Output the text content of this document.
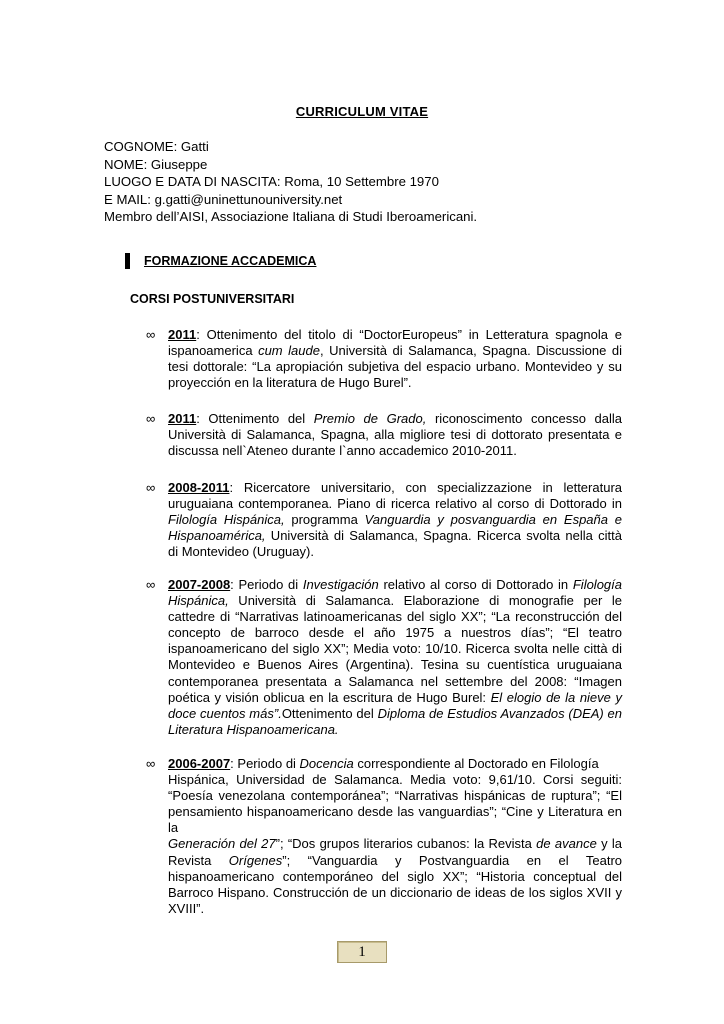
CURRICULUM VITAE
COGNOME: Gatti
NOME: Giuseppe
LUOGO E DATA DI NASCITA: Roma, 10 Settembre 1970
E MAIL: g.gatti@uninettunouniversity.net
Membro dell’AISI, Associazione Italiana di Studi Iberoamericani.
FORMAZIONE ACCADEMICA
CORSI POSTUNIVERSITARI
∞ 2011: Ottenimento del titolo di “DoctorEuropeus” in Letteratura spagnola e ispanoamerica cum laude, Università di Salamanca, Spagna. Discussione di tesi dottorale: “La apropiación subjetiva del espacio urbano. Montevideo y su proyección en la literatura de Hugo Burel”.
∞ 2011: Ottenimento del Premio de Grado, riconoscimento concesso dalla Università di Salamanca, Spagna, alla migliore tesi di dottorato presentata e discussa nell`Ateneo durante l`anno accademico 2010-2011.
∞ 2008-2011: Ricercatore universitario, con specializzazione in letteratura uruguaiana contemporanea. Piano di ricerca relativo al corso di Dottorado in Filología Hispánica, programma Vanguardia y posvanguardia en España e Hispanoamérica, Università di Salamanca, Spagna. Ricerca svolta nella città di Montevideo (Uruguay).
∞ 2007-2008: Periodo di Investigación relativo al corso di Dottorado in Filología Hispánica, Università di Salamanca. Elaborazione di monografie per le cattedre di “Narrativas latinoamericanas del siglo XX”; “La reconstrucción del concepto de barroco desde el año 1975 a nuestros días”; “El teatro ispanoamericano del siglo XX”; Media voto: 10/10. Ricerca svolta nelle città di Montevideo e Buenos Aires (Argentina). Tesina su cuentística uruguaiana contemporanea presentata a Salamanca nel settembre del 2008: “Imagen poética y visión oblicua en la escritura de Hugo Burel: El elogio de la nieve y doce cuentos más”.Ottenimento del Diploma de Estudios Avanzados (DEA) en Literatura Hispanoamericana.
∞ 2006-2007: Periodo di Docencia correspondiente al Doctorado en Filología
Hispánica, Universidad de Salamanca. Media voto: 9,61/10. Corsi seguiti: “Poesía venezolana contemporánea”; “Narrativas hispánicas de ruptura”; “El pensamiento hispanoamericano desde las vanguardias”; “Cine y Literatura en la
Generación del 27”; “Dos grupos literarios cubanos: la Revista de avance y la Revista Orígenes”; “Vanguardia y Postvanguardia en el Teatro hispanoamericano contemporáneo del siglo XX”; “Historia conceptual del Barroco Hispano. Construcción de un diccionario de ideas de los siglos XVII y XVIII”.
1
